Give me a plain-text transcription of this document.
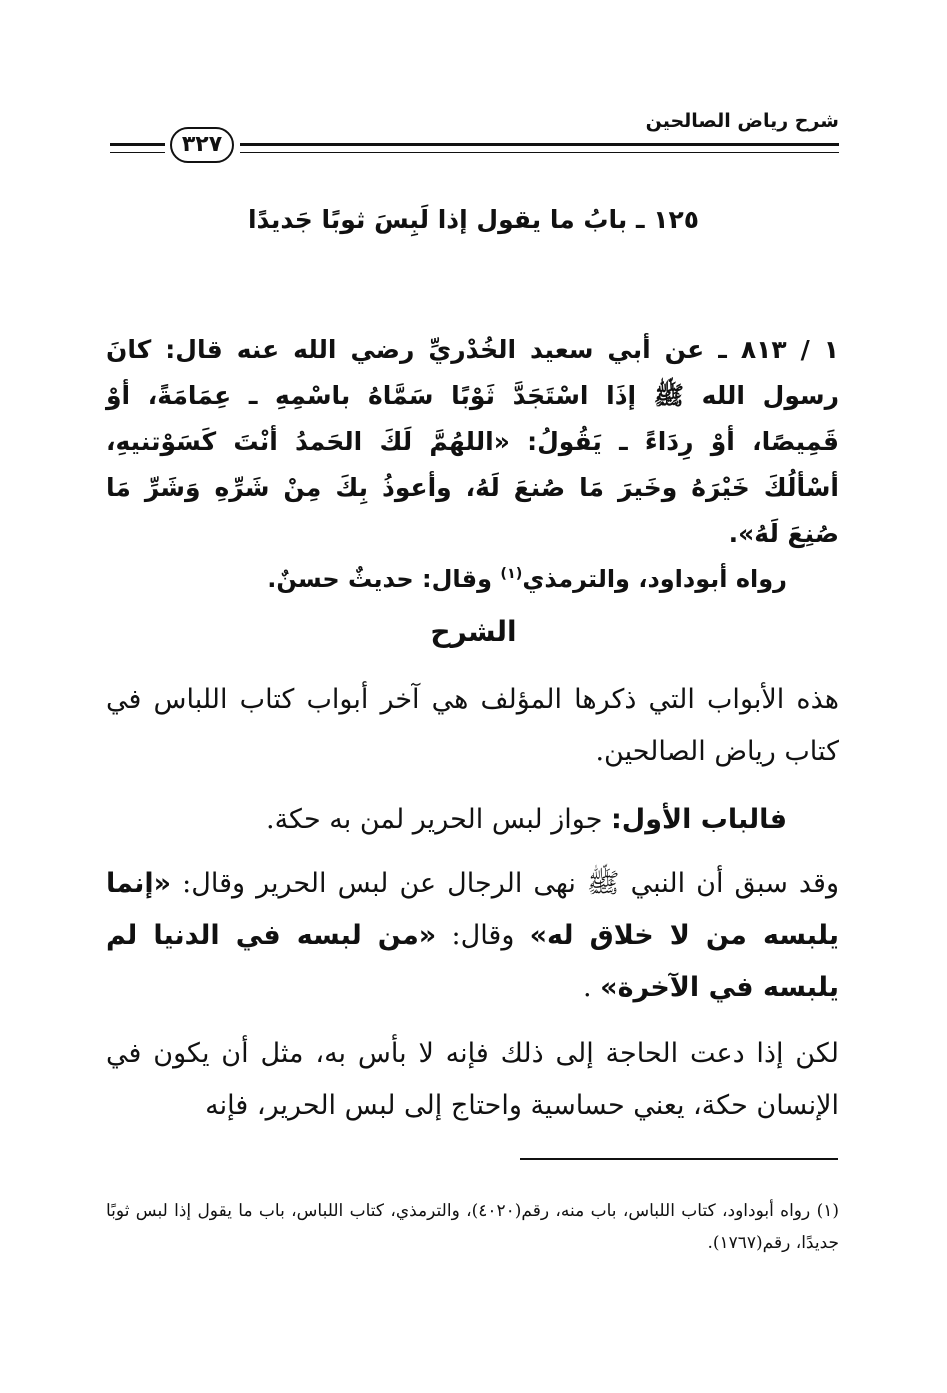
شرح رياض الصالحين
٣٢٧
١٢٥ ـ بابُ ما يقول إذا لَبِسَ ثوبًا جَديدًا
١ / ٨١٣ ـ عن أبي سعيد الخُدْريِّ رضي الله عنه قال: كانَ رسول الله ﷺ إذَا اسْتَجَدَّ ثَوْبًا سَمَّاهُ باسْمِهِ ـ عِمَامَةً، أوْ قَمِيصًا، أوْ رِدَاءً ـ يَقُولُ: «اللهُمَّ لَكَ الحَمدُ أنْتَ كَسَوْتنيهِ، أسْألُكَ خَيْرَهُ وخَيرَ مَا صُنعَ لَهُ، وأعوذُ بِكَ مِنْ شَرِّهِ وَشَرِّ مَا صُنِعَ لَهُ».
رواه أبوداود، والترمذي$^{(١)}$ وقال: حديثٌ حسنٌ.
الشرح
هذه الأبواب التي ذكرها المؤلف هي آخر أبواب كتاب اللباس في كتاب رياض الصالحين.
فالباب الأول: جواز لبس الحرير لمن به حكة.
وقد سبق أن النبي ﷺ نهى الرجال عن لبس الحرير وقال: «إنما يلبسه من لا خلاق له» وقال: «من لبسه في الدنيا لم يلبسه في الآخرة» .
لكن إذا دعت الحاجة إلى ذلك فإنه لا بأس به، مثل أن يكون في الإنسان حكة، يعني حساسية واحتاج إلى لبس الحرير، فإنه
(١) رواه أبوداود، كتاب اللباس، باب منه، رقم(٤٠٢٠)، والترمذي، كتاب اللباس، باب ما يقول إذا لبس ثوبًا جديدًا، رقم(١٧٦٧).
